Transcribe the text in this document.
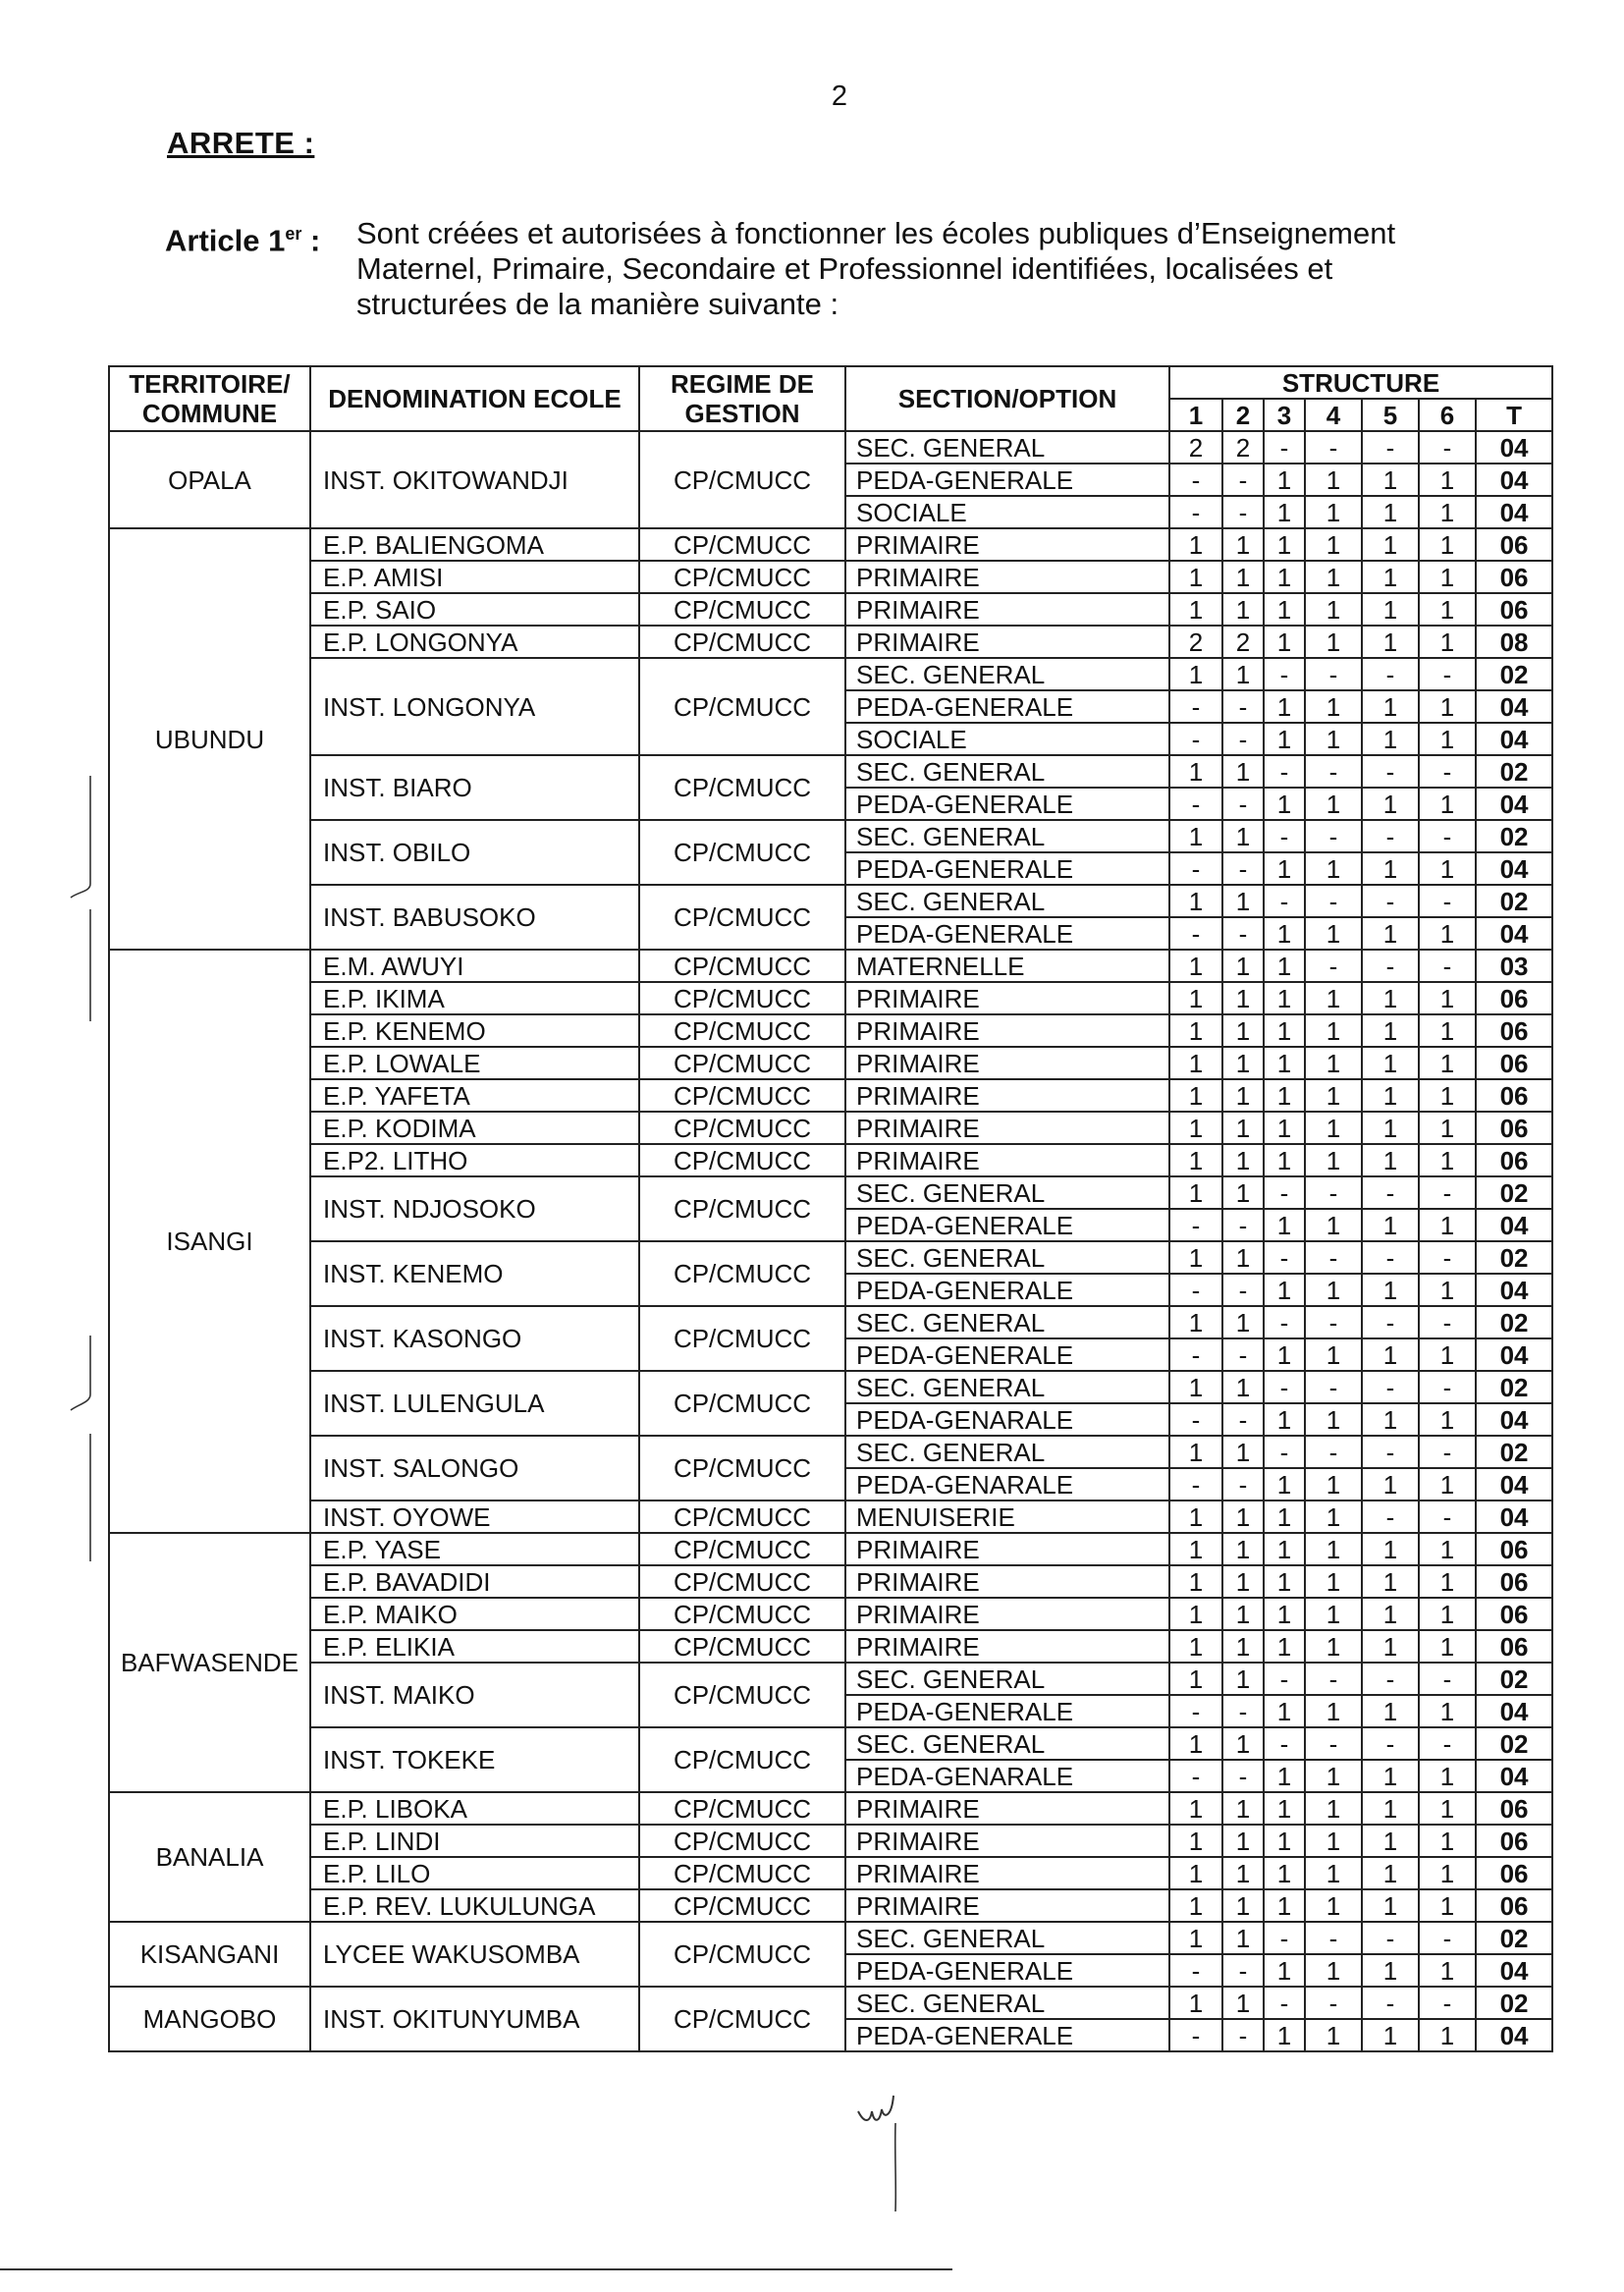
2
ARRETE :
Article 1er : Sont créées et autorisées à fonctionner les écoles publiques d’Enseignement
Maternel, Primaire, Secondaire et Professionnel identifiées, localisées et
structurées de la manière suivante :
TERRITOIRE/ COMMUNE	DENOMINATION ECOLE	REGIME DE GESTION	SECTION/OPTION	STRUCTURE						
				1	2	3	4	5	6	T
OPALA	INST. OKITOWANDJI	CP/CMUCC	SEC. GENERAL	2	2	-	-	-	-	04
			PEDA-GENERALE	-	-	1	1	1	1	04
			SOCIALE	-	-	1	1	1	1	04
UBUNDU	E.P. BALIENGOMA	CP/CMUCC	PRIMAIRE	1	1	1	1	1	1	06
	E.P. AMISI	CP/CMUCC	PRIMAIRE	1	1	1	1	1	1	06
	E.P. SAIO	CP/CMUCC	PRIMAIRE	1	1	1	1	1	1	06
	E.P. LONGONYA	CP/CMUCC	PRIMAIRE	2	2	1	1	1	1	08
	INST. LONGONYA	CP/CMUCC	SEC. GENERAL	1	1	-	-	-	-	02
			PEDA-GENERALE	-	-	1	1	1	1	04
			SOCIALE	-	-	1	1	1	1	04
	INST. BIARO	CP/CMUCC	SEC. GENERAL	1	1	-	-	-	-	02
			PEDA-GENERALE	-	-	1	1	1	1	04
	INST. OBILO	CP/CMUCC	SEC. GENERAL	1	1	-	-	-	-	02
			PEDA-GENERALE	-	-	1	1	1	1	04
	INST. BABUSOKO	CP/CMUCC	SEC. GENERAL	1	1	-	-	-	-	02
			PEDA-GENERALE	-	-	1	1	1	1	04
ISANGI	E.M. AWUYI	CP/CMUCC	MATERNELLE	1	1	1	-	-	-	03
	E.P. IKIMA	CP/CMUCC	PRIMAIRE	1	1	1	1	1	1	06
	E.P. KENEMO	CP/CMUCC	PRIMAIRE	1	1	1	1	1	1	06
	E.P. LOWALE	CP/CMUCC	PRIMAIRE	1	1	1	1	1	1	06
	E.P. YAFETA	CP/CMUCC	PRIMAIRE	1	1	1	1	1	1	06
	E.P. KODIMA	CP/CMUCC	PRIMAIRE	1	1	1	1	1	1	06
	E.P2. LITHO	CP/CMUCC	PRIMAIRE	1	1	1	1	1	1	06
	INST. NDJOSOKO	CP/CMUCC	SEC. GENERAL	1	1	-	-	-	-	02
			PEDA-GENERALE	-	-	1	1	1	1	04
	INST. KENEMO	CP/CMUCC	SEC. GENERAL	1	1	-	-	-	-	02
			PEDA-GENERALE	-	-	1	1	1	1	04
	INST. KASONGO	CP/CMUCC	SEC. GENERAL	1	1	-	-	-	-	02
			PEDA-GENERALE	-	-	1	1	1	1	04
	INST. LULENGULA	CP/CMUCC	SEC. GENERAL	1	1	-	-	-	-	02
			PEDA-GENARALE	-	-	1	1	1	1	04
	INST. SALONGO	CP/CMUCC	SEC. GENERAL	1	1	-	-	-	-	02
			PEDA-GENARALE	-	-	1	1	1	1	04
	INST. OYOWE	CP/CMUCC	MENUISERIE	1	1	1	1	-	-	04
BAFWASENDE	E.P. YASE	CP/CMUCC	PRIMAIRE	1	1	1	1	1	1	06
	E.P. BAVADIDI	CP/CMUCC	PRIMAIRE	1	1	1	1	1	1	06
	E.P. MAIKO	CP/CMUCC	PRIMAIRE	1	1	1	1	1	1	06
	E.P. ELIKIA	CP/CMUCC	PRIMAIRE	1	1	1	1	1	1	06
	INST. MAIKO	CP/CMUCC	SEC. GENERAL	1	1	-	-	-	-	02
			PEDA-GENERALE	-	-	1	1	1	1	04
	INST. TOKEKE	CP/CMUCC	SEC. GENERAL	1	1	-	-	-	-	02
			PEDA-GENARALE	-	-	1	1	1	1	04
BANALIA	E.P. LIBOKA	CP/CMUCC	PRIMAIRE	1	1	1	1	1	1	06
	E.P. LINDI	CP/CMUCC	PRIMAIRE	1	1	1	1	1	1	06
	E.P. LILO	CP/CMUCC	PRIMAIRE	1	1	1	1	1	1	06
	E.P. REV. LUKULUNGA	CP/CMUCC	PRIMAIRE	1	1	1	1	1	1	06
KISANGANI	LYCEE WAKUSOMBA	CP/CMUCC	SEC. GENERAL	1	1	-	-	-	-	02
			PEDA-GENERALE	-	-	1	1	1	1	04
MANGOBO	INST. OKITUNYUMBA	CP/CMUCC	SEC. GENERAL	1	1	-	-	-	-	02
			PEDA-GENERALE	-	-	1	1	1	1	04
